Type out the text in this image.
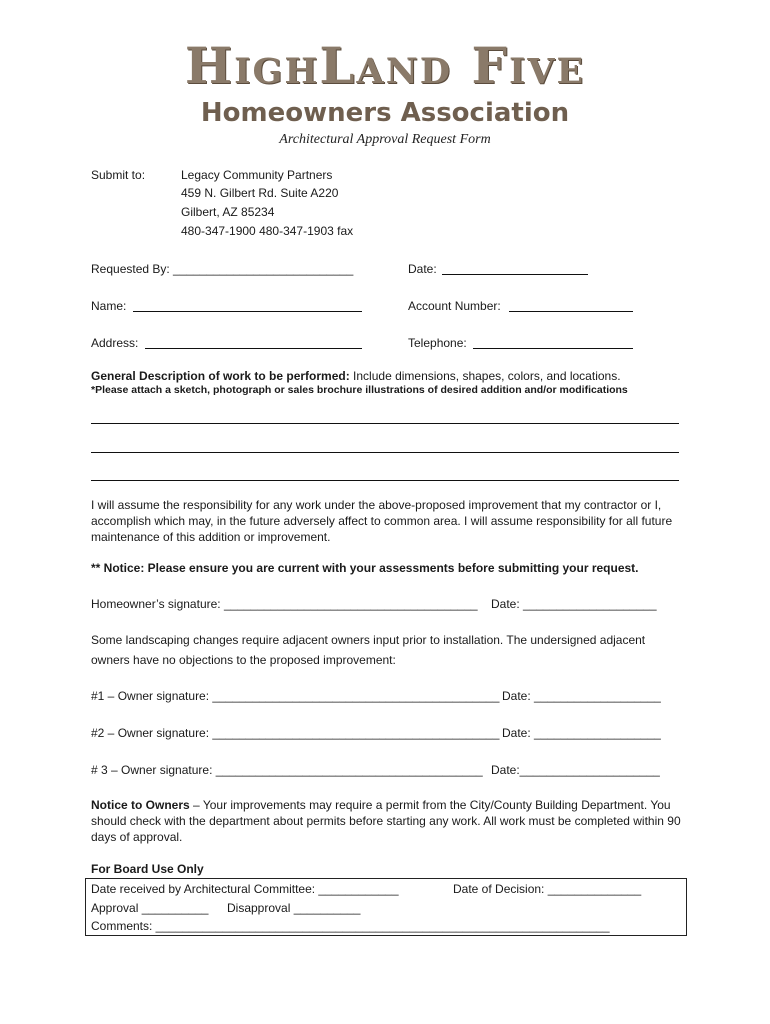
HighLand Five
Homeowners Association
Architectural Approval Request Form
Submit to:	Legacy Community Partners
459 N. Gilbert Rd. Suite A220
Gilbert, AZ 85234
480-347-1900 480-347-1903 fax
Requested By: ___________________________	Date:
Name:	Account Number:
Address:	Telephone:
General Description of work to be performed: Include dimensions, shapes, colors, and locations.
*Please attach a sketch, photograph or sales brochure illustrations of desired addition and/or modifications
I will assume the responsibility for any work under the above-proposed improvement that my contractor or I, accomplish which may, in the future adversely affect to common area. I will assume responsibility for all future maintenance of this addition or improvement.
** Notice: Please ensure you are current with your assessments before submitting your request.
Homeowner’s signature: ______________________________________ Date: ____________________
Some landscaping changes require adjacent owners input prior to installation. The undersigned adjacent
owners have no objections to the proposed improvement:
#1 – Owner signature: ___________________________________________ Date: ___________________
#2 – Owner signature: ___________________________________________ Date: ___________________
# 3 – Owner signature: ________________________________________ Date:_____________________
Notice to Owners – Your improvements may require a permit from the City/County Building Department. You should check with the department about permits before starting any work. All work must be completed within 90 days of approval.
For Board Use Only
Date received by Architectural Committee: ____________	Date of Decision: ______________
Approval __________ Disapproval __________
Comments: ____________________________________________________________________
